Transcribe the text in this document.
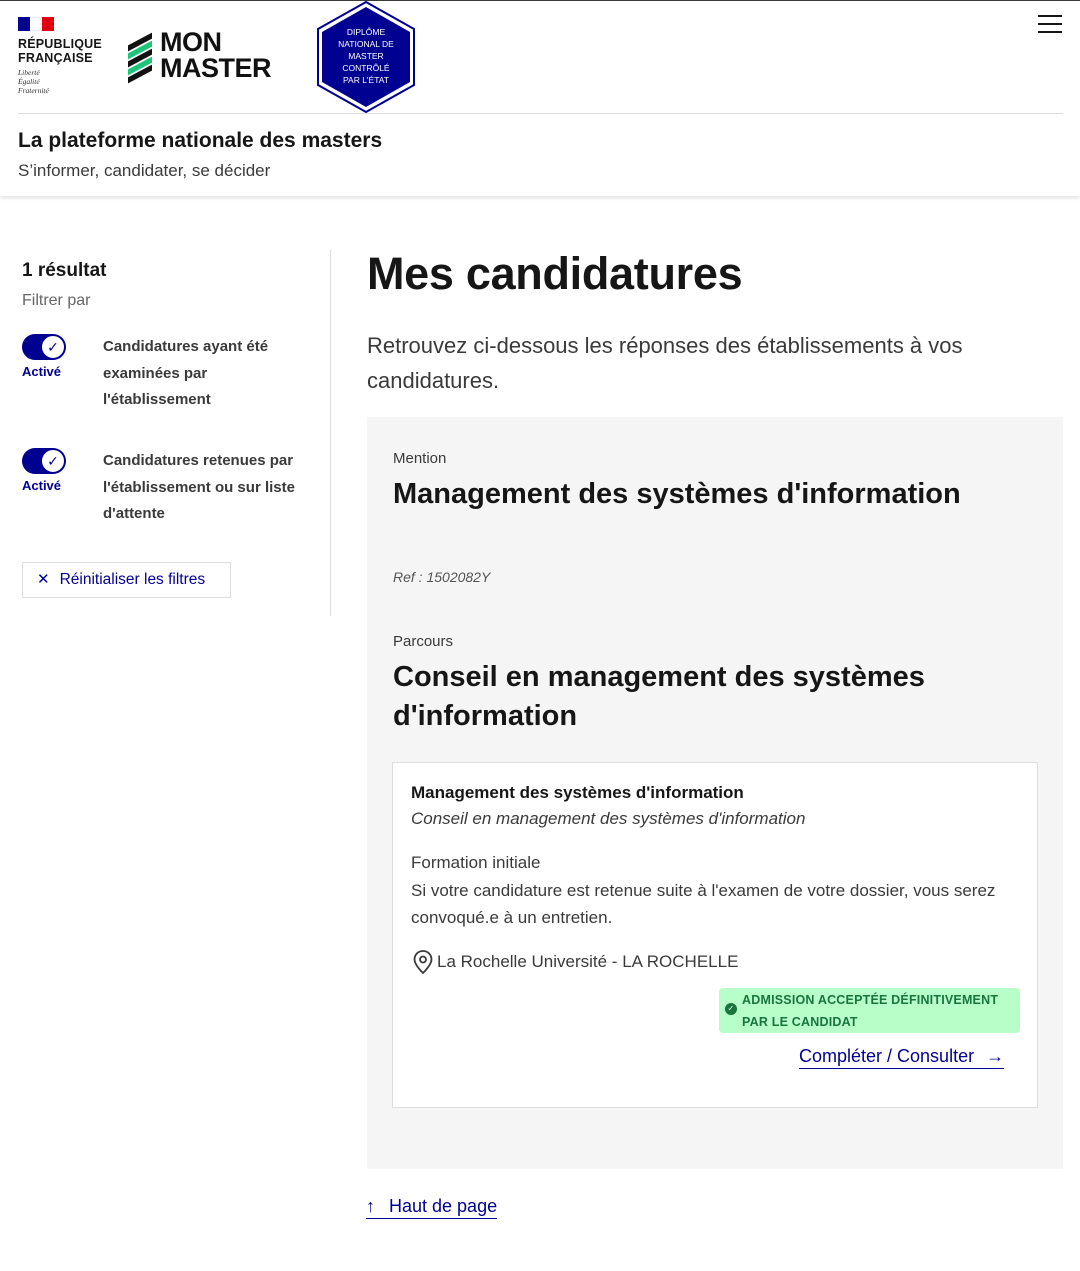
RÉPUBLIQUE
FRANÇAISE
Liberté
Égalité
Fraternité
MON
MASTER
DIPLÔME
NATIONAL DE
MASTER
CONTRÔLÉ
PAR L'ÉTAT
La plateforme nationale des masters
S’informer, candidater, se décider
1 résultat
Filtrer par
✓
Activé
Candidatures ayant été examinées par l'établissement
✓
Activé
Candidatures retenues par l'établissement ou sur liste d'attente
✕ Réinitialiser les filtres
Mes candidatures

Retrouvez ci-dessous les réponses des établissements à vos candidatures.

Mention
Management des systèmes d'information
Ref : 1502082Y
Parcours
Conseil en management des systèmes d'information
Management des systèmes d'information
Conseil en management des systèmes d'information
Formation initiale
Si votre candidature est retenue suite à l'examen de votre dossier, vous serez convoqué.e à un entretien.
La Rochelle Université - LA ROCHELLE
✓
ADMISSION ACCEPTÉE DÉFINITIVEMENT PAR LE CANDIDAT
Compléter / Consulter →
↑ Haut de page
